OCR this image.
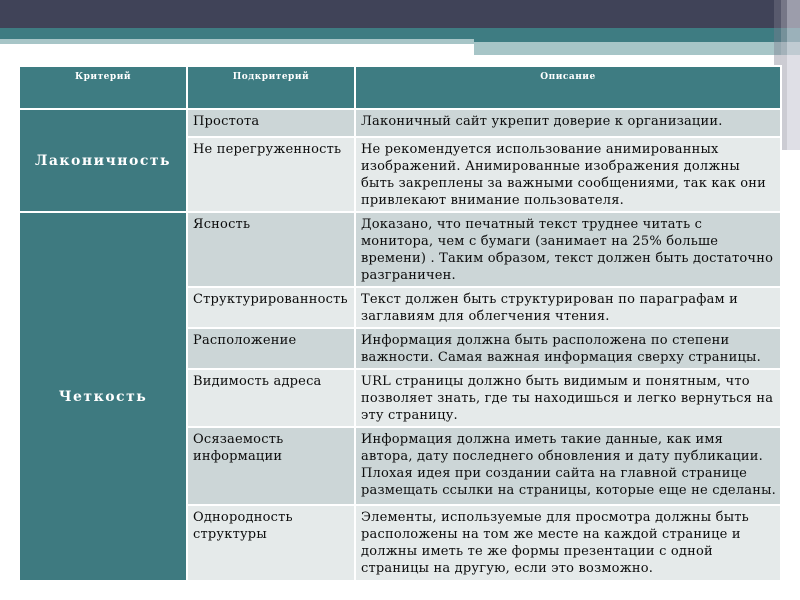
Критерий	Подкритерий	Описание
Лаконичность	Простота	Лаконичный сайт укрепит доверие к организации.
	Не перегруженность	Не рекомендуется использование анимированных изображений. Анимированные изображения должны быть закреплены за важными сообщениями, так как они привлекают внимание пользователя.
Четкость	Ясность	Доказано, что печатный текст труднее читать с монитора, чем с бумаги (занимает на 25% больше времени) . Таким образом, текст должен быть достаточно разграничен.
	Структурированность	Текст должен быть структурирован по параграфам и заглавиям для облегчения чтения.
	Расположение	Информация должна быть расположена по степени важности. Самая важная информация сверху страницы.
	Видимость адреса	URL страницы должно быть видимым и понятным, что позволяет знать, где ты находишься и легко вернуться на эту страницу.
	Осязаемость информации	Информация должна иметь такие данные, как имя автора, дату последнего обновления и дату публикации. Плохая идея при создании сайта на главной странице размещать ссылки на страницы, которые еще не сделаны.
	Однородность структуры	Элементы, используемые для просмотра должны быть расположены на том же месте на каждой странице и должны иметь те же формы презентации с одной страницы на другую, если это возможно.
